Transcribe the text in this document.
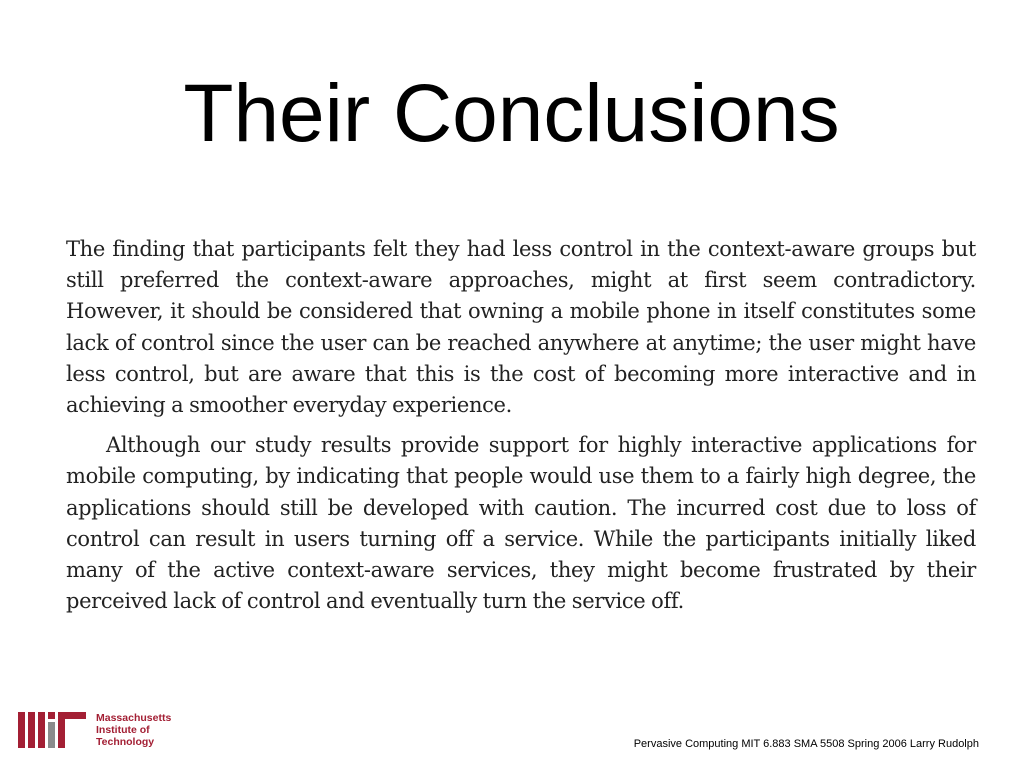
Their Conclusions

The finding that participants felt they had less control in the context-aware groups but still preferred the context-aware approaches, might at first seem contradictory. However, it should be considered that owning a mobile phone in itself constitutes some lack of control since the user can be reached anywhere at anytime; the user might have less control, but are aware that this is the cost of becoming more interactive and in achieving a smoother everyday experience.

Although our study results provide support for highly interactive applications for mobile computing, by indicating that people would use them to a fairly high degree, the applications should still be developed with caution. The incurred cost due to loss of control can result in users turning off a service. While the participants initially liked many of the active context-aware services, they might become frustrated by their perceived lack of control and eventually turn the service off.

Massachusetts
Institute of
Technology	Pervasive Computing MIT 6.883 SMA 5508 Spring 2006 Larry Rudolph
